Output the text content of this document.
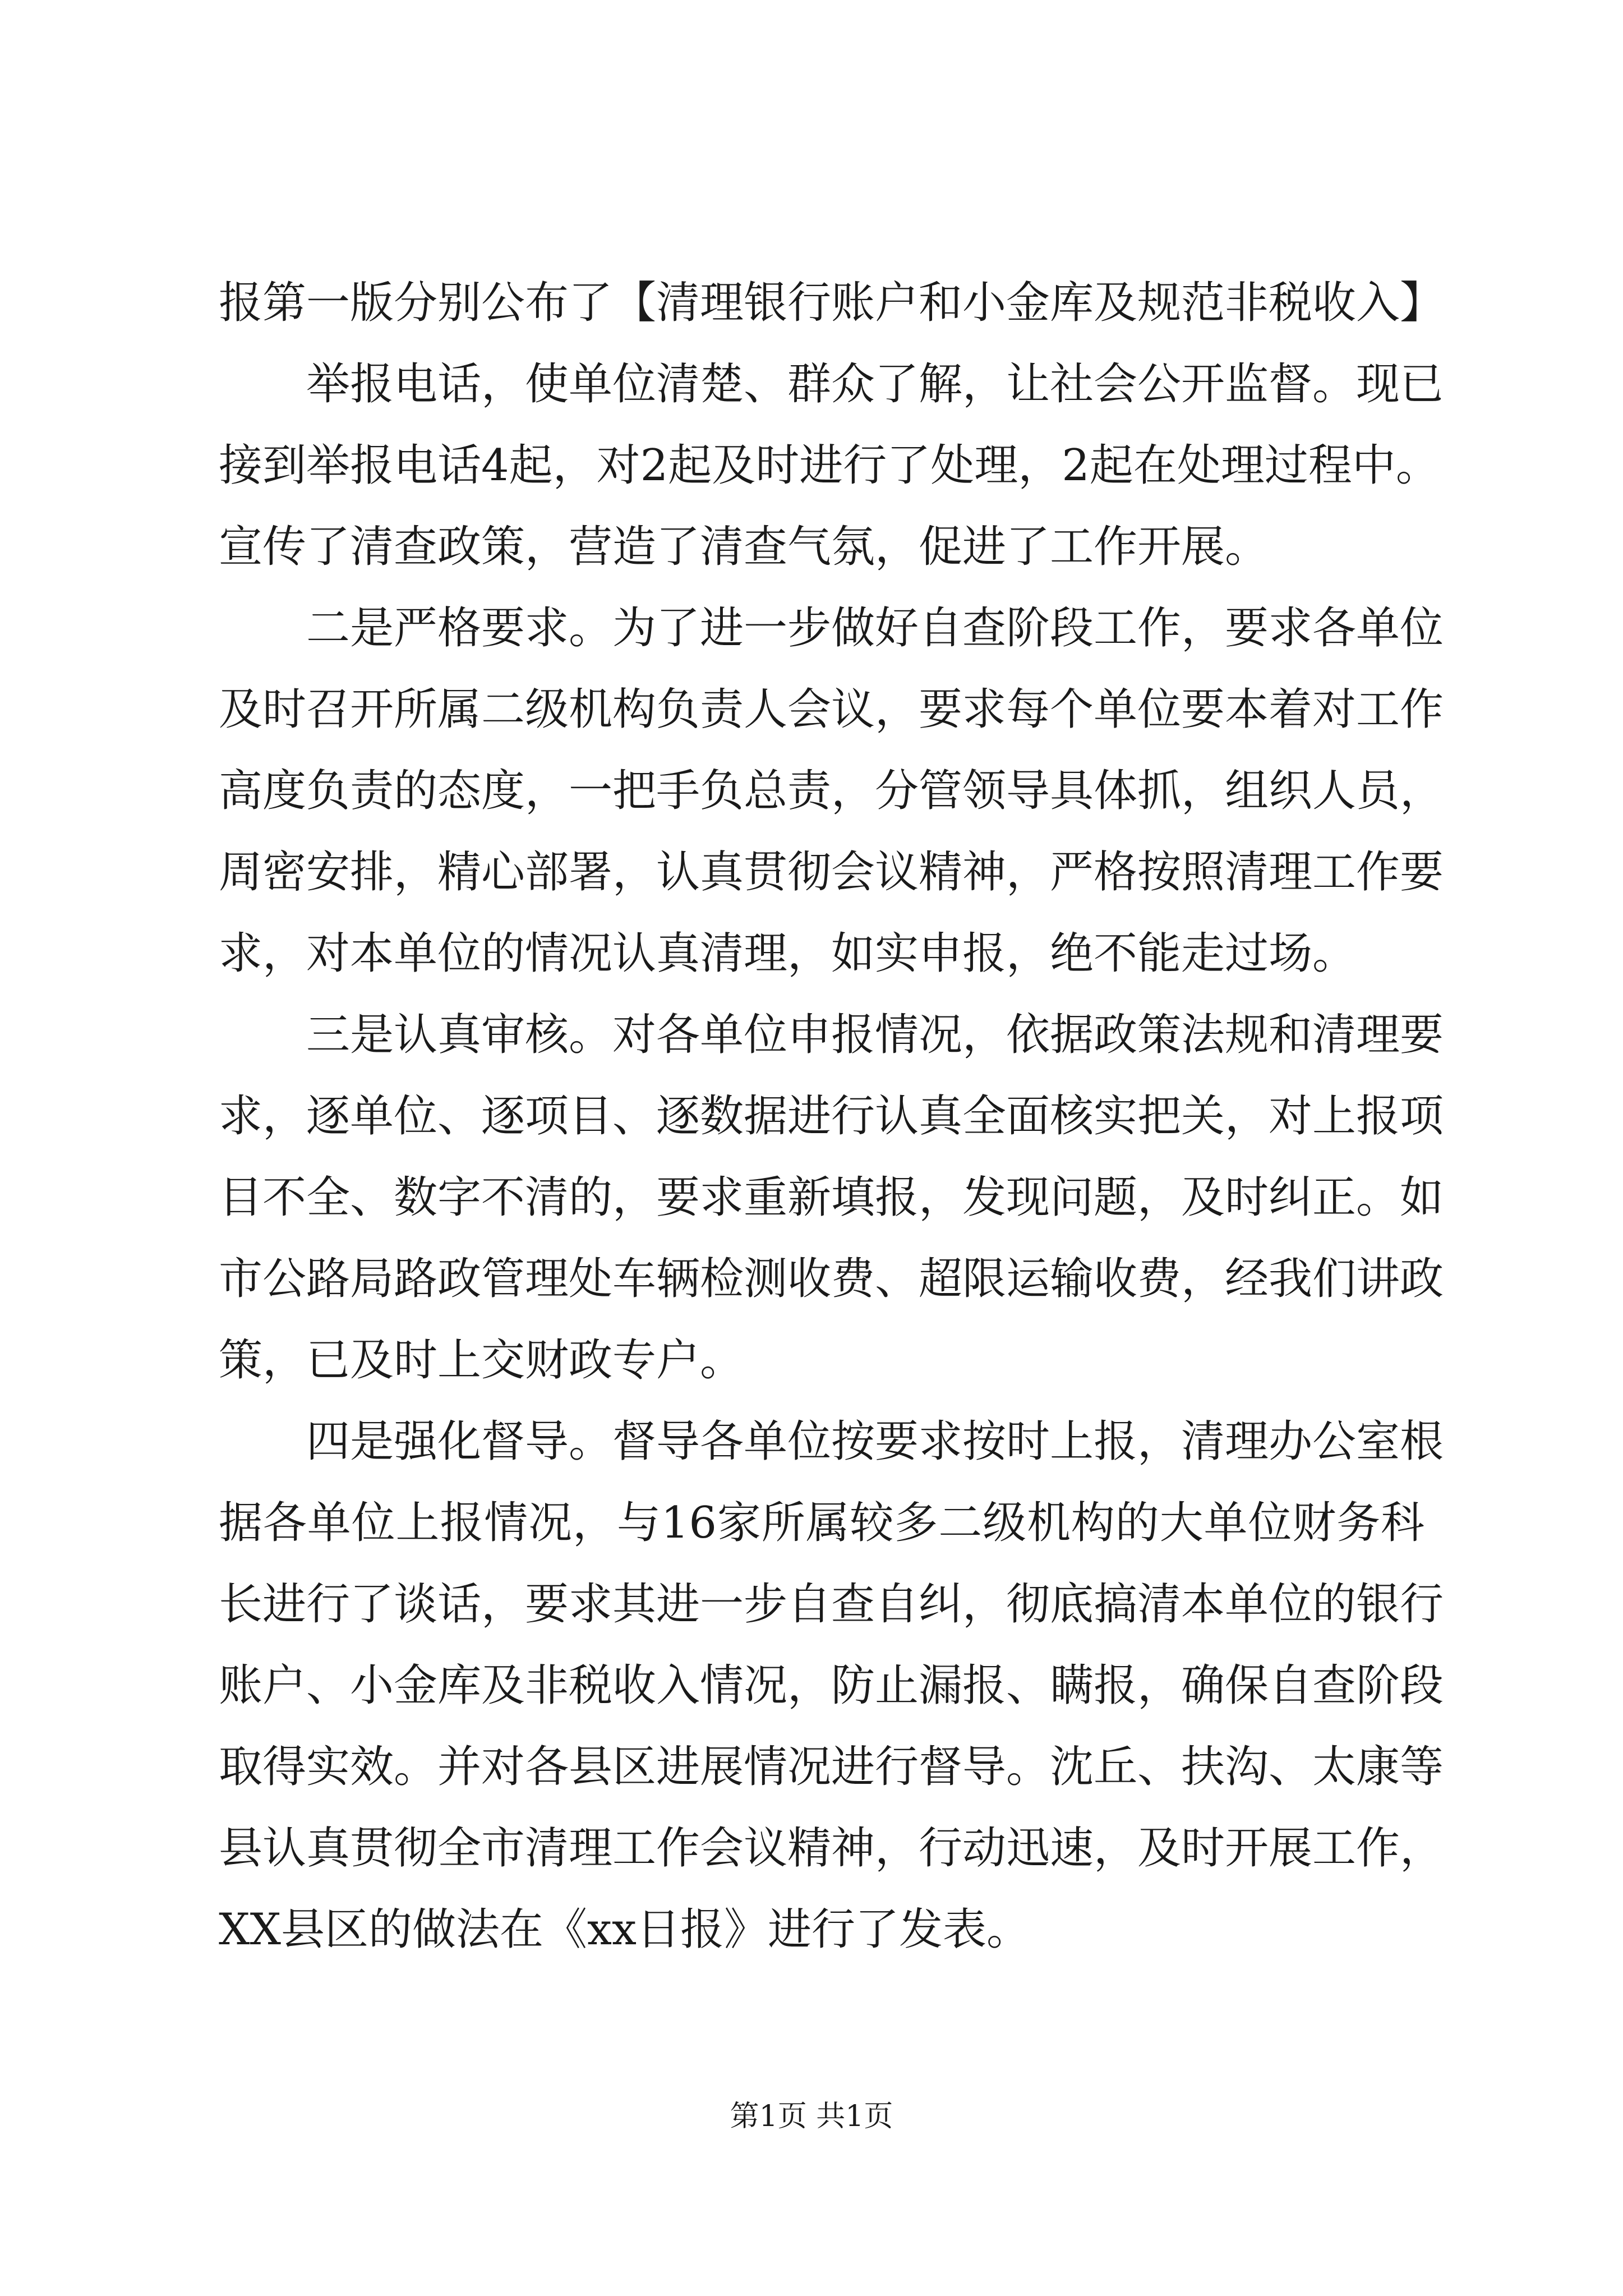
报第一版分别公布了【清理银行账户和小金库及规范非税收入】
举报电话，使单位清楚、群众了解，让社会公开监督。现已
接到举报电话4起，对2起及时进行了处理，2起在处理过程中。
宣传了清查政策，营造了清查气氛，促进了工作开展。
二是严格要求。为了进一步做好自查阶段工作，要求各单位
及时召开所属二级机构负责人会议，要求每个单位要本着对工作
高度负责的态度，一把手负总责，分管领导具体抓，组织人员，
周密安排，精心部署，认真贯彻会议精神，严格按照清理工作要
求，对本单位的情况认真清理，如实申报，绝不能走过场。
三是认真审核。对各单位申报情况，依据政策法规和清理要
求，逐单位、逐项目、逐数据进行认真全面核实把关，对上报项
目不全、数字不清的，要求重新填报，发现问题，及时纠正。如
市公路局路政管理处车辆检测收费、超限运输收费，经我们讲政
策，已及时上交财政专户。
四是强化督导。督导各单位按要求按时上报，清理办公室根
据各单位上报情况，与16家所属较多二级机构的大单位财务科
长进行了谈话，要求其进一步自查自纠，彻底搞清本单位的银行
账户、小金库及非税收入情况，防止漏报、瞒报，确保自查阶段
取得实效。并对各县区进展情况进行督导。沈丘、扶沟、太康等
县认真贯彻全市清理工作会议精神，行动迅速，及时开展工作，
XX县区的做法在《xx日报》进行了发表。
第1页 共1页
